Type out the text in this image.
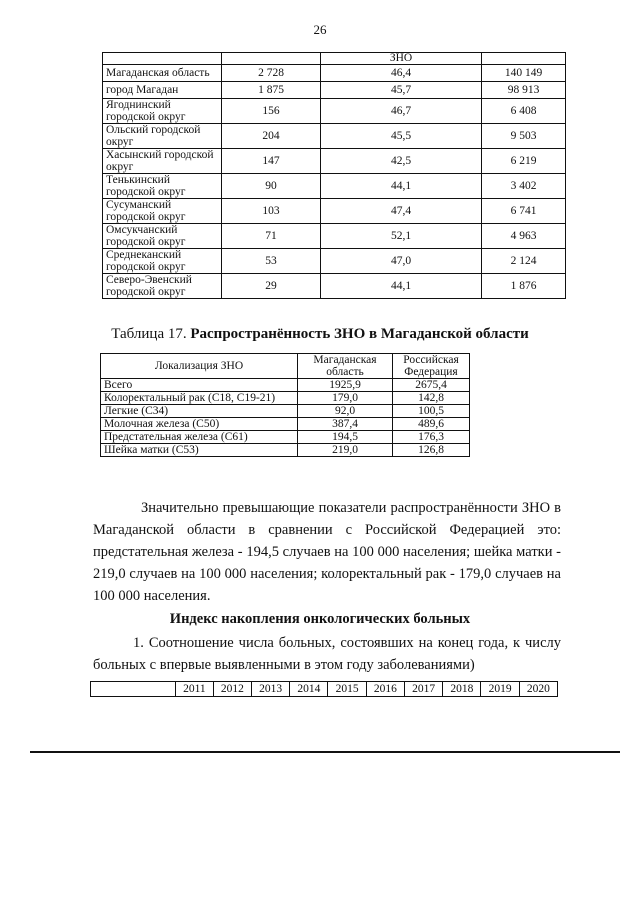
26
		ЗНО	
Магаданская область	2 728	46,4	140 149
город Магадан	1 875	45,7	98 913
Ягоднинский городской округ	156	46,7	6 408
Ольский городской округ	204	45,5	9 503
Хасынский городской округ	147	42,5	6 219
Тенькинский городской округ	90	44,1	3 402
Сусуманский городской округ	103	47,4	6 741
Омсукчанский городской округ	71	52,1	4 963
Среднеканский городской округ	53	47,0	2 124
Северо-Эвенский городской округ	29	44,1	1 876
Таблица 17. Распространённость ЗНО в Магаданской области
Локализация ЗНО	Магаданская область	Российская Федерация
Всего	1925,9	2675,4
Колоректальный рак (С18, С19-21)	179,0	142,8
Легкие (С34)	92,0	100,5
Молочная железа (С50)	387,4	489,6
Предстательная железа (С61)	194,5	176,3
Шейка матки (С53)	219,0	126,8

Значительно превышающие показатели распространённости ЗНО в Магаданской области в сравнении с Российской Федерацией это: предстательная железа - 194,5 случаев на 100 000 населения; шейка матки - 219,0 случаев на 100 000 населения; колоректальный рак - 179,0 случаев на 100 000 населения.

Индекс накопления онкологических больных

1. Соотношение числа больных, состоявших на конец года, к числу больных с впервые выявленными в этом году заболеваниями)

	2011	2012	2013	2014	2015	2016	2017	2018	2019	2020
